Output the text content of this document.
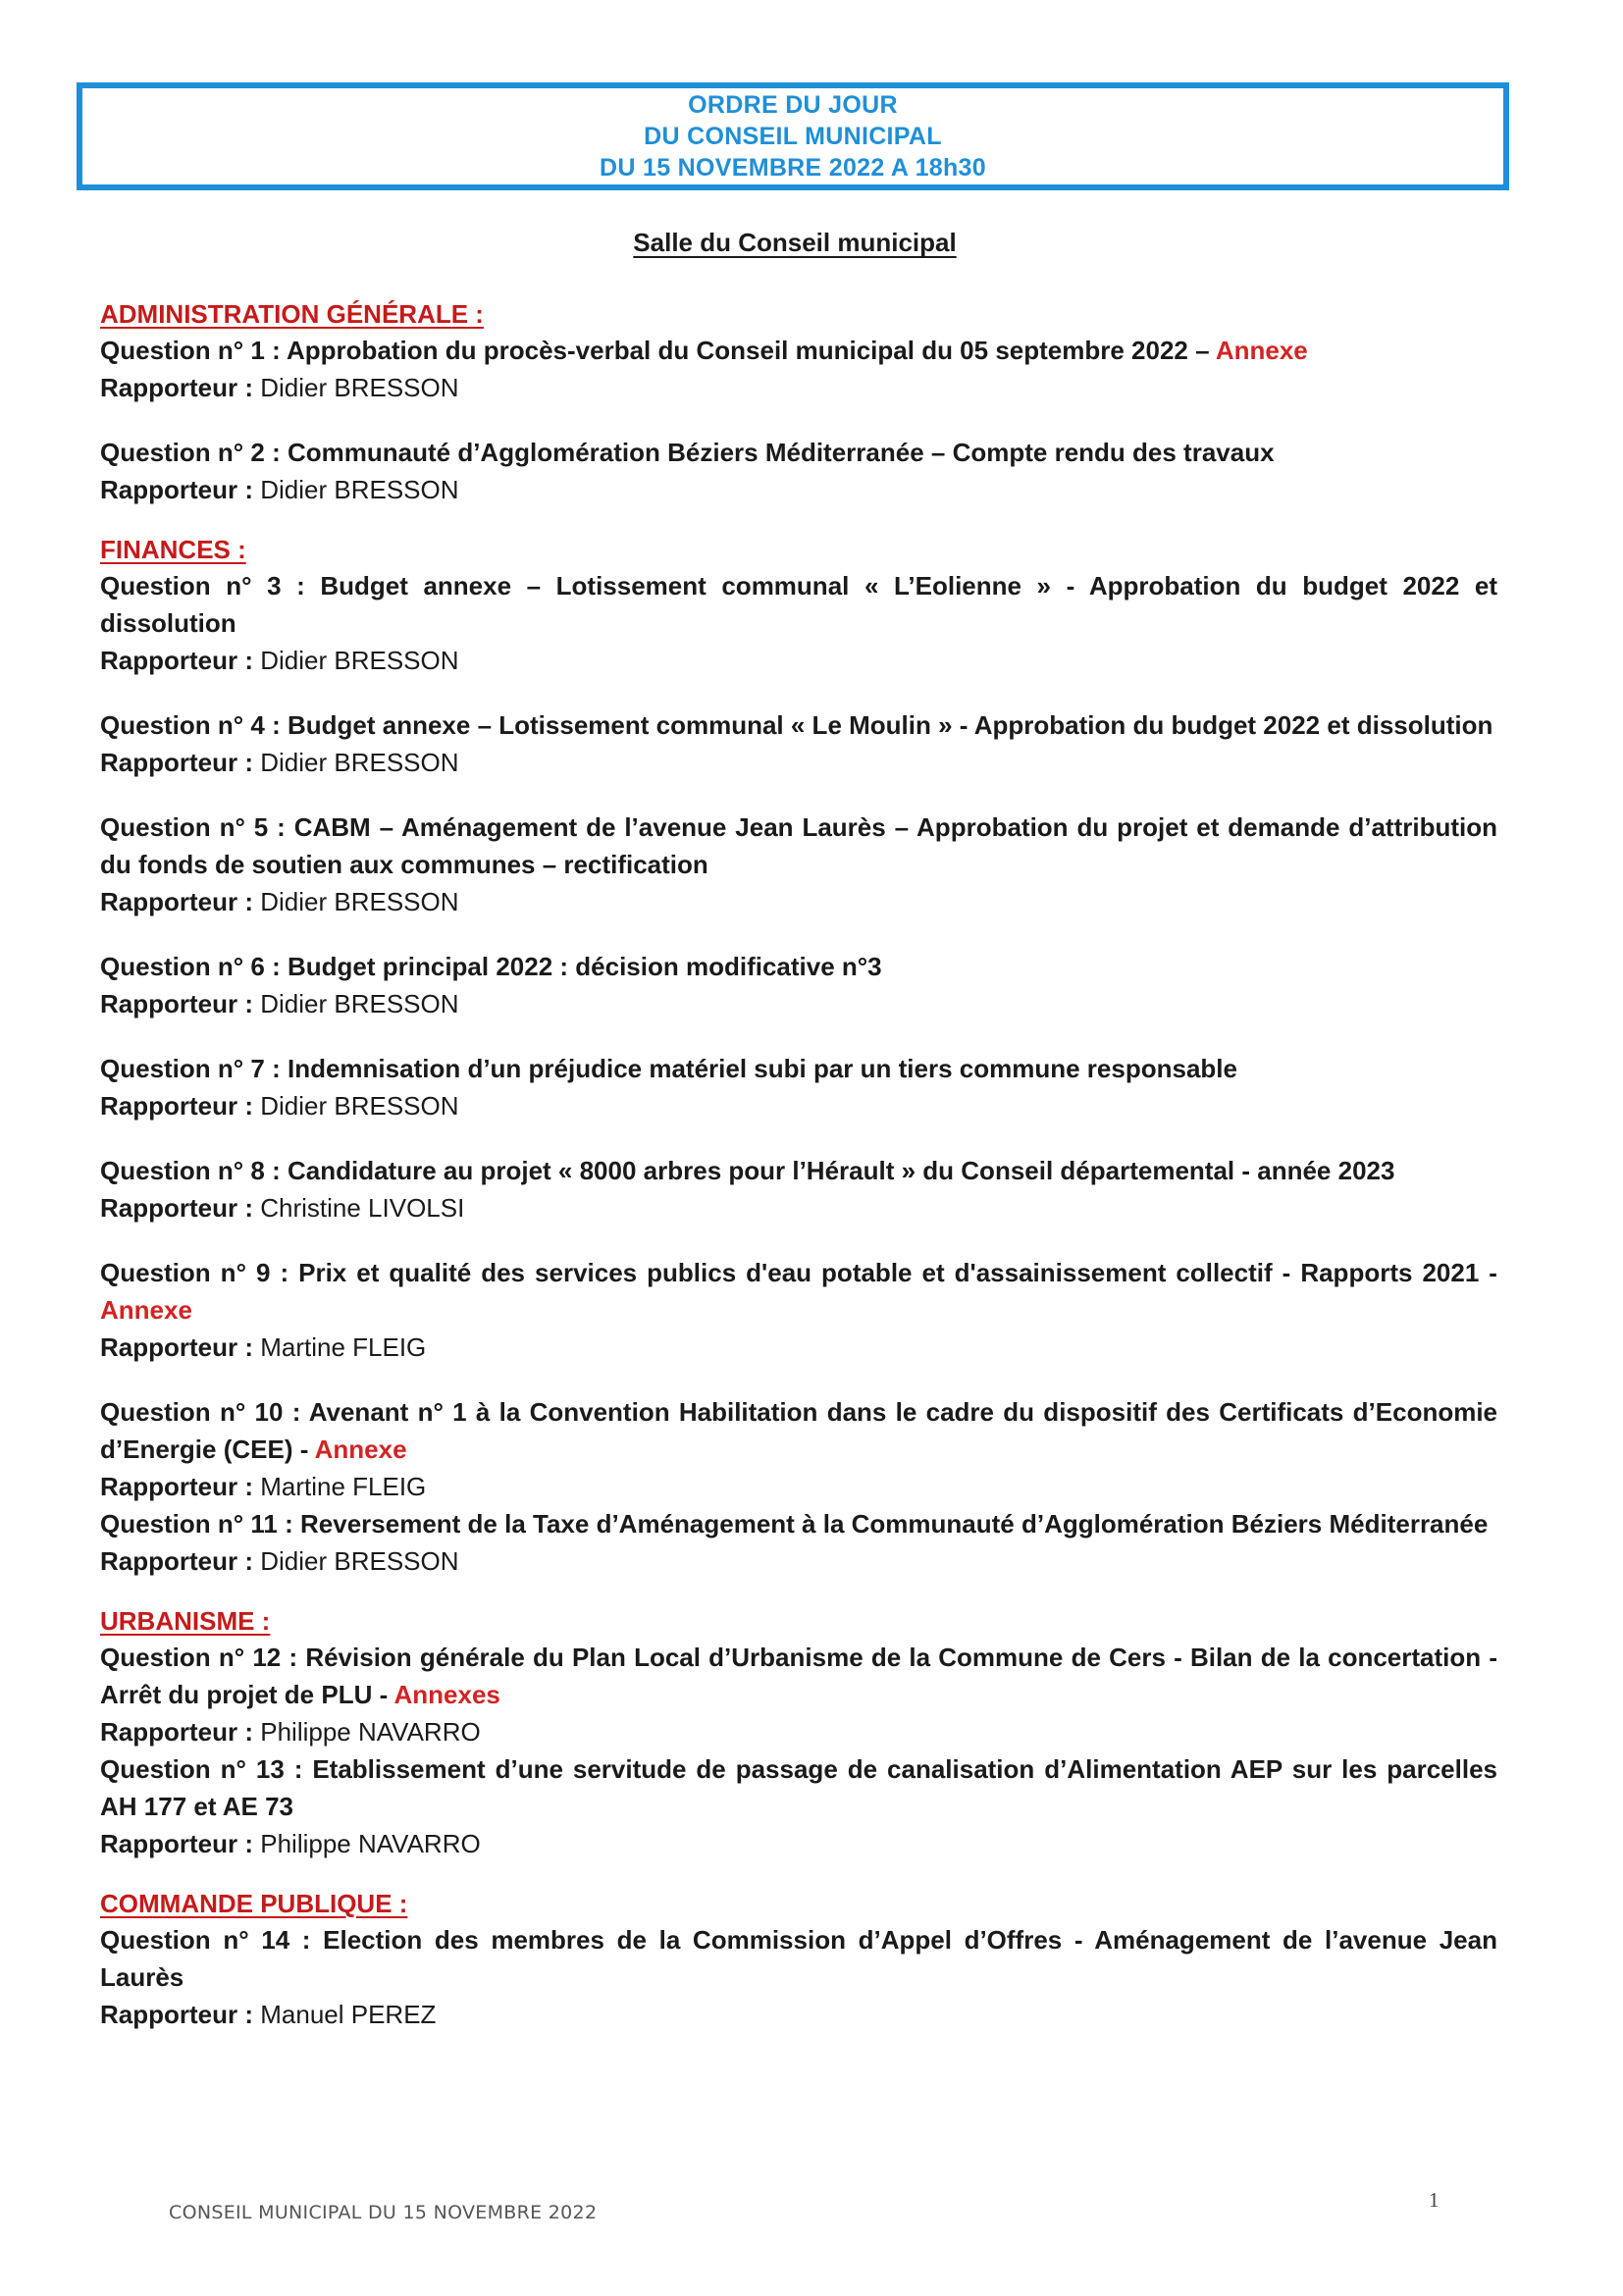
ORDRE DU JOUR
DU CONSEIL MUNICIPAL
DU 15 NOVEMBRE 2022 A 18h30
Salle du Conseil municipal
ADMINISTRATION GÉNÉRALE :
Question n° 1 : Approbation du procès-verbal du Conseil municipal du 05 septembre 2022 – Annexe
Rapporteur : Didier BRESSON
Question n° 2 : Communauté d’Agglomération Béziers Méditerranée – Compte rendu des travaux
Rapporteur : Didier BRESSON
FINANCES :
Question n° 3 : Budget annexe – Lotissement communal « L’Eolienne » - Approbation du budget 2022 et dissolution
Rapporteur : Didier BRESSON
Question n° 4 : Budget annexe – Lotissement communal « Le Moulin » - Approbation du budget 2022 et dissolution
Rapporteur : Didier BRESSON
Question n° 5 : CABM – Aménagement de l’avenue Jean Laurès – Approbation du projet et demande d’attribution du fonds de soutien aux communes – rectification
Rapporteur : Didier BRESSON
Question n° 6 : Budget principal 2022 : décision modificative n°3
Rapporteur : Didier BRESSON
Question n° 7 : Indemnisation d’un préjudice matériel subi par un tiers commune responsable
Rapporteur : Didier BRESSON
Question n° 8 : Candidature au projet « 8000 arbres pour l’Hérault » du Conseil départemental - année 2023
Rapporteur : Christine LIVOLSI
Question n° 9 : Prix et qualité des services publics d'eau potable et d'assainissement collectif - Rapports 2021 - Annexe
Rapporteur : Martine FLEIG
Question n° 10 : Avenant n° 1 à la Convention Habilitation dans le cadre du dispositif des Certificats d’Economie d’Energie (CEE) - Annexe
Rapporteur : Martine FLEIG
Question n° 11 : Reversement de la Taxe d’Aménagement à la Communauté d’Agglomération Béziers Méditerranée
Rapporteur : Didier BRESSON
URBANISME :
Question n° 12 : Révision générale du Plan Local d’Urbanisme de la Commune de Cers - Bilan de la concertation - Arrêt du projet de PLU - Annexes
Rapporteur : Philippe NAVARRO
Question n° 13 : Etablissement d’une servitude de passage de canalisation d’Alimentation AEP sur les parcelles AH 177 et AE 73
Rapporteur : Philippe NAVARRO
COMMANDE PUBLIQUE :
Question n° 14 : Election des membres de la Commission d’Appel d’Offres - Aménagement de l’avenue Jean Laurès
Rapporteur : Manuel PEREZ
CONSEIL MUNICIPAL DU 15 NOVEMBRE 2022
1
